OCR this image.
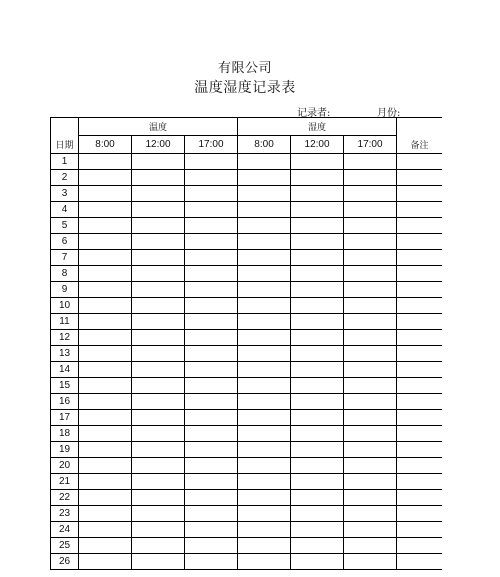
有限公司
温度湿度记录表
记录者:	月份:
	温度			湿度			
日期	8:00	12:00	17:00	8:00	12:00	17:00	备注
1							
2							
3							
4							
5							
6							
7							
8							
9							
10							
11							
12							
13							
14							
15							
16							
17							
18							
19							
20							
21							
22							
23							
24							
25							
26							
